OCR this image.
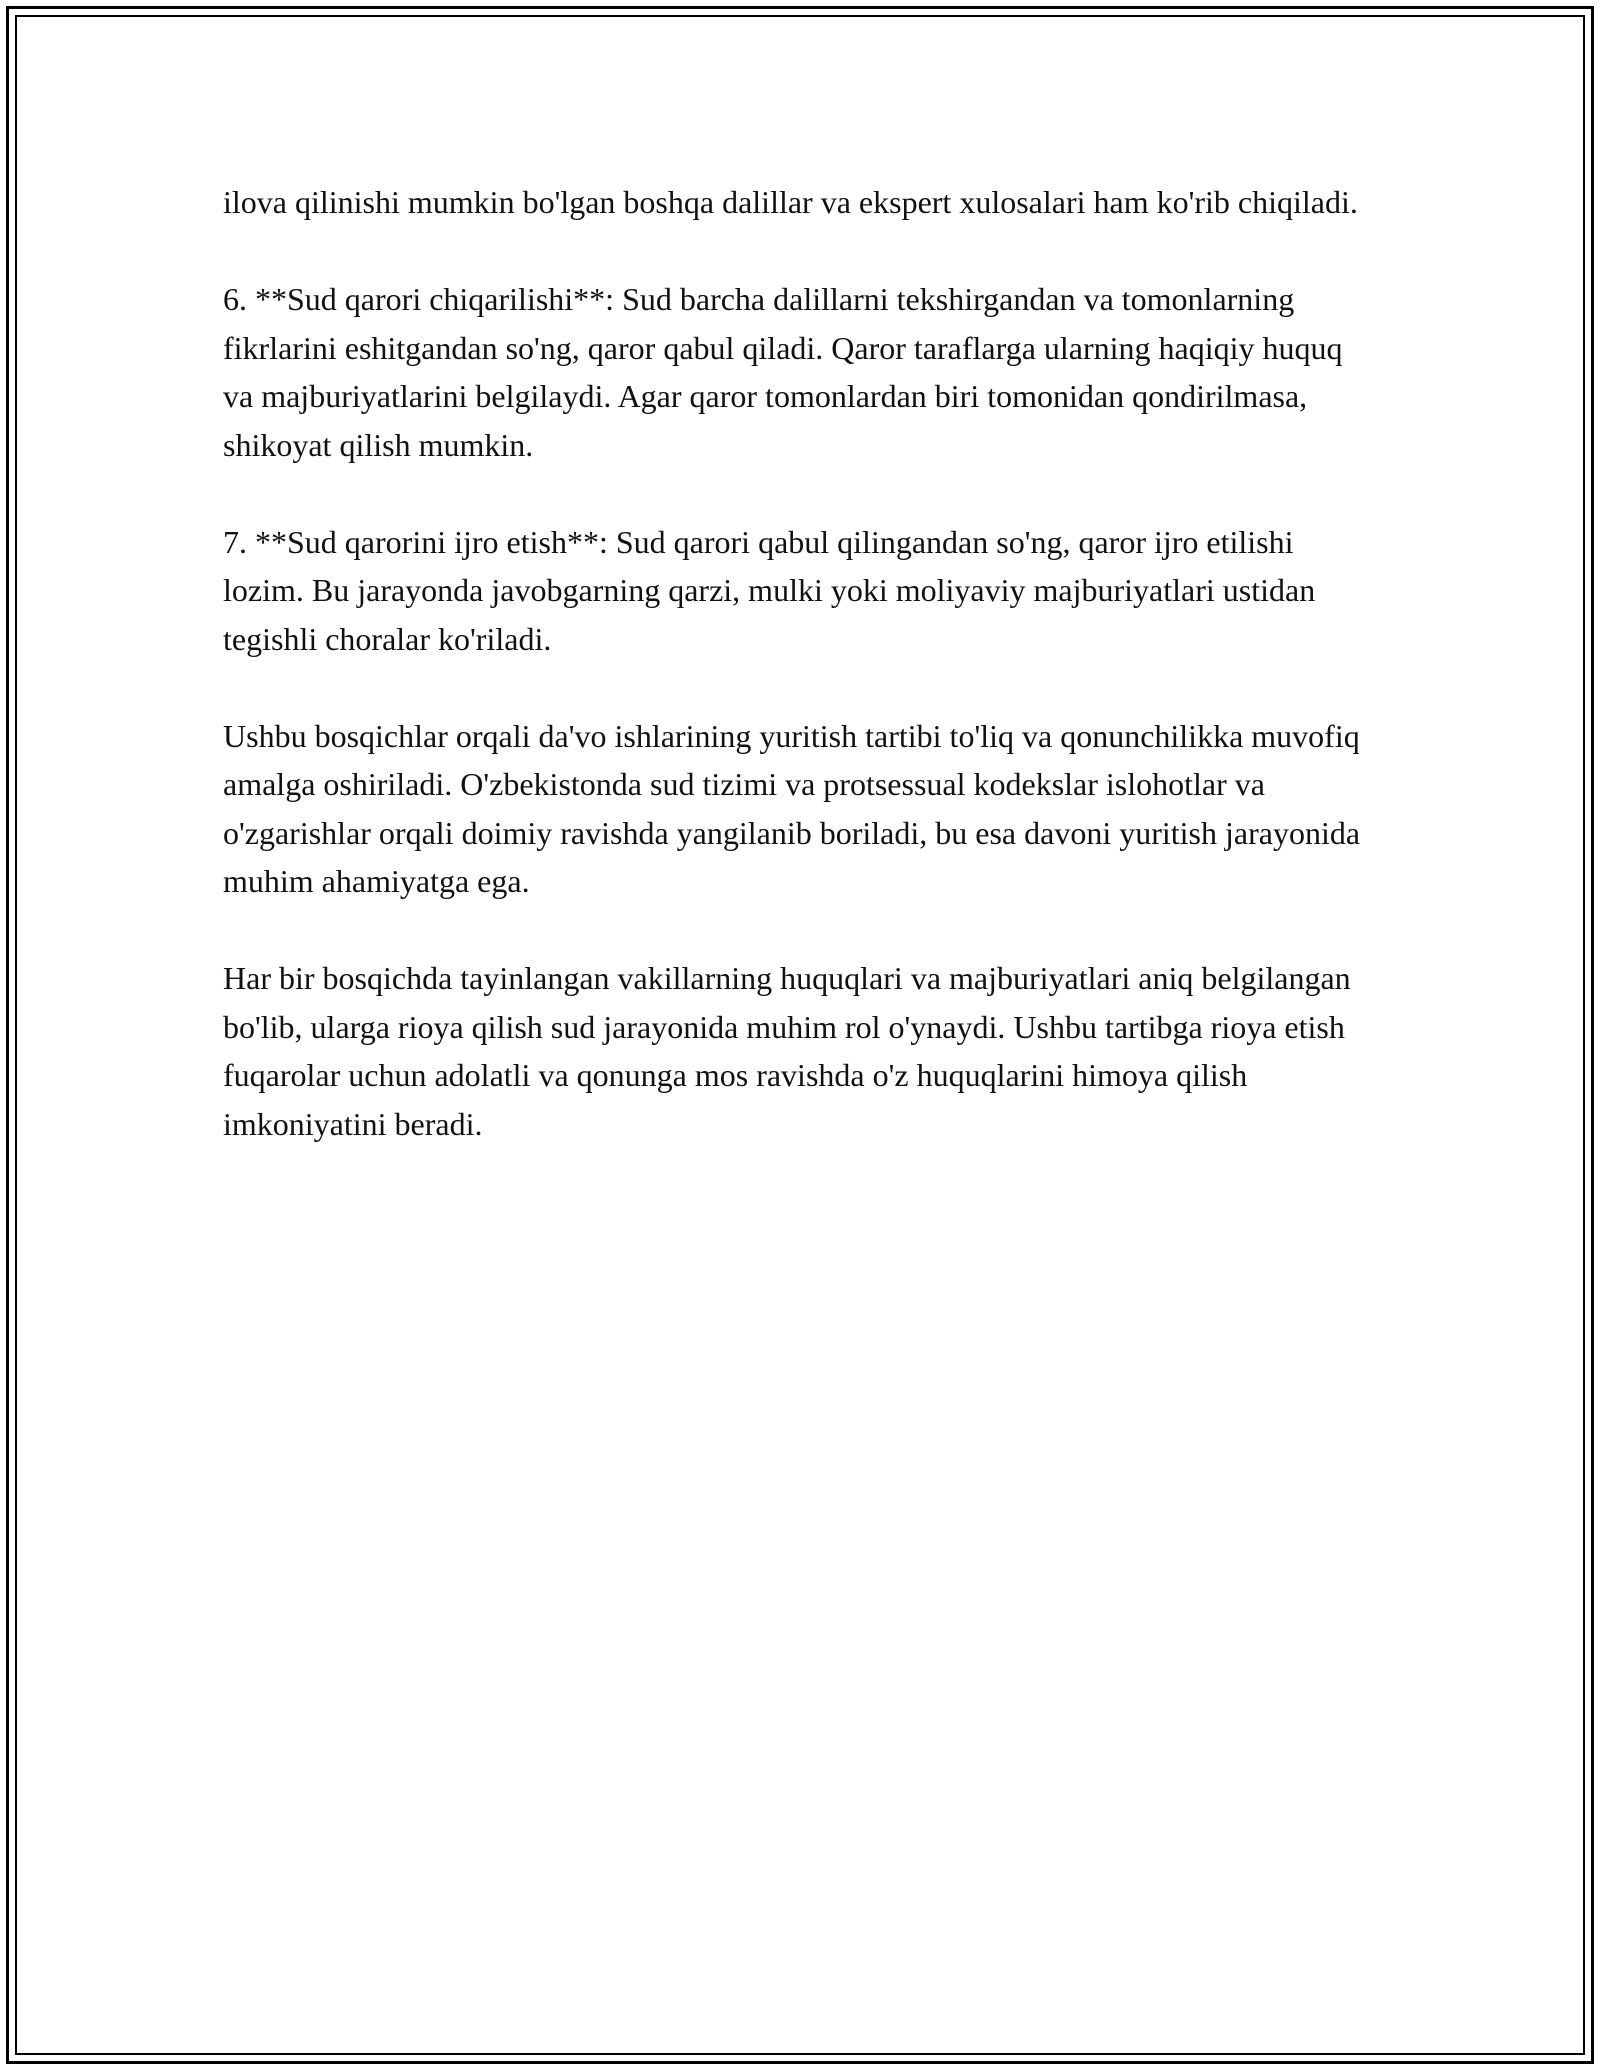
ilova qilinishi mumkin bo'lgan boshqa dalillar va ekspert xulosalari ham ko'rib chiqiladi.

6. **Sud qarori chiqarilishi**: Sud barcha dalillarni tekshirgandan va tomonlarning fikrlarini eshitgandan so'ng, qaror qabul qiladi. Qaror taraflarga ularning haqiqiy huquq va majburiyatlarini belgilaydi. Agar qaror tomonlardan biri tomonidan qondirilmasa, shikoyat qilish mumkin.

7. **Sud qarorini ijro etish**: Sud qarori qabul qilingandan so'ng, qaror ijro etilishi lozim. Bu jarayonda javobgarning qarzi, mulki yoki moliyaviy majburiyatlari ustidan tegishli choralar ko'riladi.

Ushbu bosqichlar orqali da'vo ishlarining yuritish tartibi to'liq va qonunchilikka muvofiq amalga oshiriladi. O'zbekistonda sud tizimi va protsessual kodekslar islohotlar va o'zgarishlar orqali doimiy ravishda yangilanib boriladi, bu esa davoni yuritish jarayonida muhim ahamiyatga ega.

Har bir bosqichda tayinlangan vakillarning huquqlari va majburiyatlari aniq belgilangan bo'lib, ularga rioya qilish sud jarayonida muhim rol o'ynaydi. Ushbu tartibga rioya etish fuqarolar uchun adolatli va qonunga mos ravishda o'z huquqlarini himoya qilish imkoniyatini beradi.
